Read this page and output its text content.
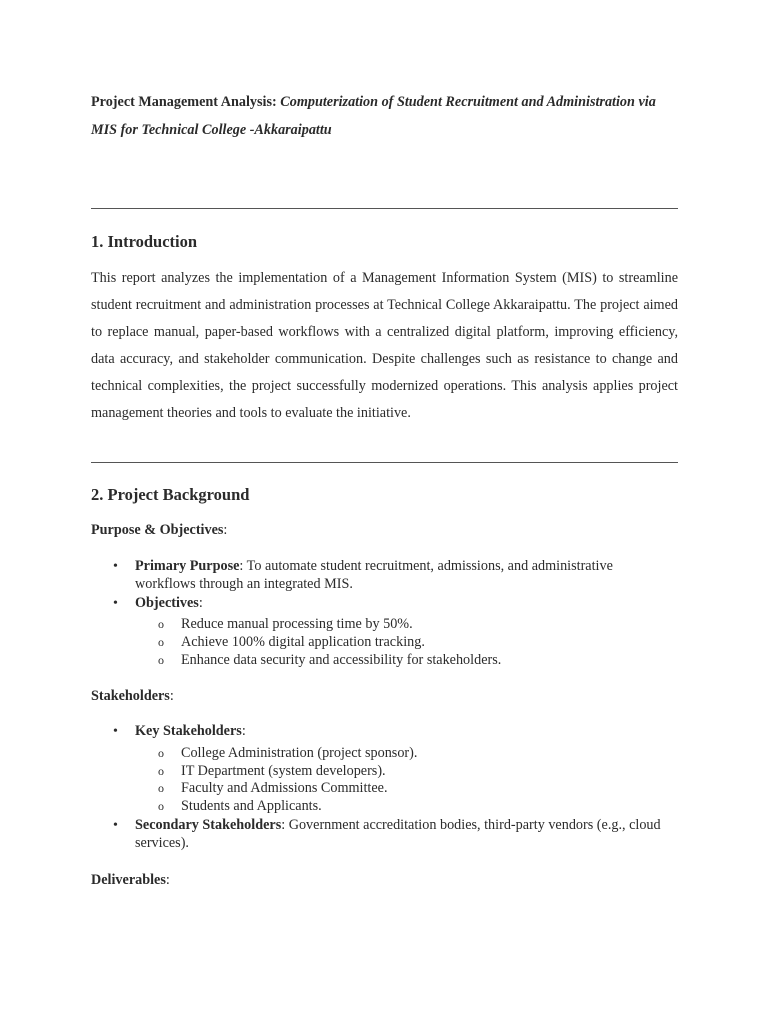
Project Management Analysis: Computerization of Student Recruitment and Administration via MIS for Technical College -Akkaraipattu
1. Introduction

This report analyzes the implementation of a Management Information System (MIS) to streamline student recruitment and administration processes at Technical College Akkaraipattu. The project aimed to replace manual, paper-based workflows with a centralized digital platform, improving efficiency, data accuracy, and stakeholder communication. Despite challenges such as resistance to change and technical complexities, the project successfully modernized operations. This analysis applies project management theories and tools to evaluate the initiative.

2. Project Background

Purpose & Objectives:

• Primary Purpose: To automate student recruitment, admissions, and administrative workflows through an integrated MIS.

• Objectives:

o Reduce manual processing time by 50%.

o Achieve 100% digital application tracking.

o Enhance data security and accessibility for stakeholders.

Stakeholders:

• Key Stakeholders:

o College Administration (project sponsor).

o IT Department (system developers).

o Faculty and Admissions Committee.

o Students and Applicants.

• Secondary Stakeholders: Government accreditation bodies, third-party vendors (e.g., cloud services).

Deliverables:
